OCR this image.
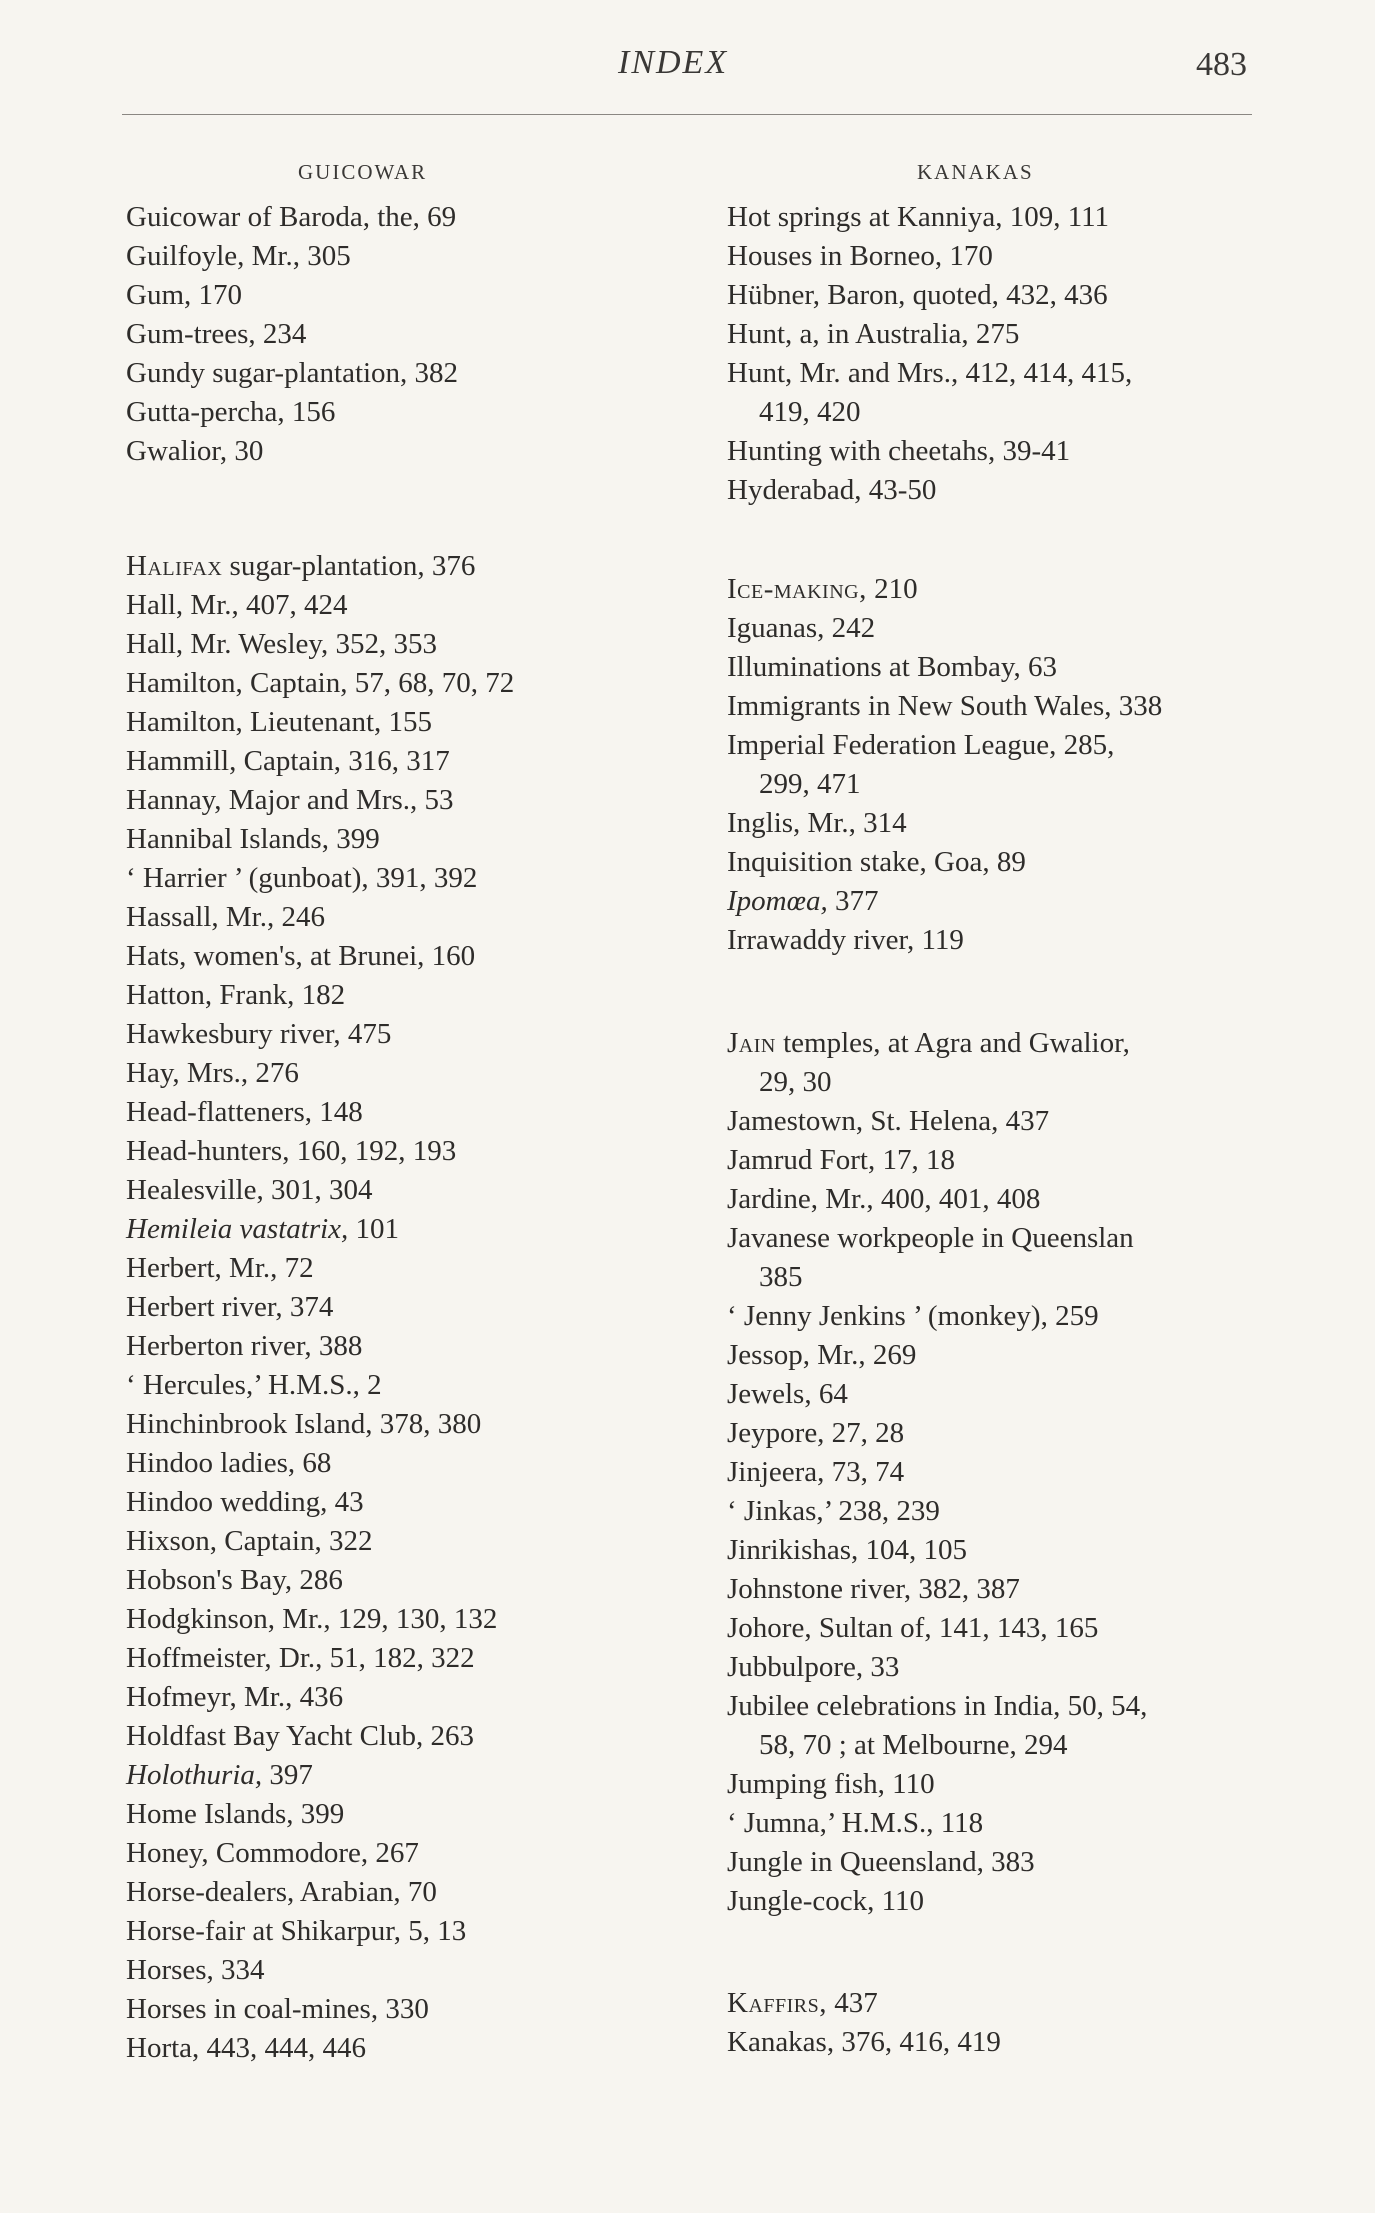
INDEX	483
GUICOWAR
Guicowar of Baroda, the, 69
Guilfoyle, Mr., 305
Gum, 170
Gum-trees, 234
Gundy sugar-plantation, 382
Gutta-percha, 156
Gwalior, 30
Halifax sugar-plantation, 376
Hall, Mr., 407, 424
Hall, Mr. Wesley, 352, 353
Hamilton, Captain, 57, 68, 70, 72
Hamilton, Lieutenant, 155
Hammill, Captain, 316, 317
Hannay, Major and Mrs., 53
Hannibal Islands, 399
‘ Harrier ’ (gunboat), 391, 392
Hassall, Mr., 246
Hats, women's, at Brunei, 160
Hatton, Frank, 182
Hawkesbury river, 475
Hay, Mrs., 276
Head-flatteners, 148
Head-hunters, 160, 192, 193
Healesville, 301, 304
Hemileia vastatrix, 101
Herbert, Mr., 72
Herbert river, 374
Herberton river, 388
‘ Hercules,’ H.M.S., 2
Hinchinbrook Island, 378, 380
Hindoo ladies, 68
Hindoo wedding, 43
Hixson, Captain, 322
Hobson's Bay, 286
Hodgkinson, Mr., 129, 130, 132
Hoffmeister, Dr., 51, 182, 322
Hofmeyr, Mr., 436
Holdfast Bay Yacht Club, 263
Holothuria, 397
Home Islands, 399
Honey, Commodore, 267
Horse-dealers, Arabian, 70
Horse-fair at Shikarpur, 5, 13
Horses, 334
Horses in coal-mines, 330
Horta, 443, 444, 446
KANAKAS
Hot springs at Kanniya, 109, 111
Houses in Borneo, 170
Hübner, Baron, quoted, 432, 436
Hunt, a, in Australia, 275
Hunt, Mr. and Mrs., 412, 414, 415,
419, 420
Hunting with cheetahs, 39-41
Hyderabad, 43-50
Ice-making, 210
Iguanas, 242
Illuminations at Bombay, 63
Immigrants in New South Wales, 338
Imperial Federation League, 285,
299, 471
Inglis, Mr., 314
Inquisition stake, Goa, 89
Ipomœa, 377
Irrawaddy river, 119
Jain temples, at Agra and Gwalior,
29, 30
Jamestown, St. Helena, 437
Jamrud Fort, 17, 18
Jardine, Mr., 400, 401, 408
Javanese workpeople in Queenslan
385
‘ Jenny Jenkins ’ (monkey), 259
Jessop, Mr., 269
Jewels, 64
Jeypore, 27, 28
Jinjeera, 73, 74
‘ Jinkas,’ 238, 239
Jinrikishas, 104, 105
Johnstone river, 382, 387
Johore, Sultan of, 141, 143, 165
Jubbulpore, 33
Jubilee celebrations in India, 50, 54,
58, 70 ; at Melbourne, 294
Jumping fish, 110
‘ Jumna,’ H.M.S., 118
Jungle in Queensland, 383
Jungle-cock, 110
Kaffirs, 437
Kanakas, 376, 416, 419
